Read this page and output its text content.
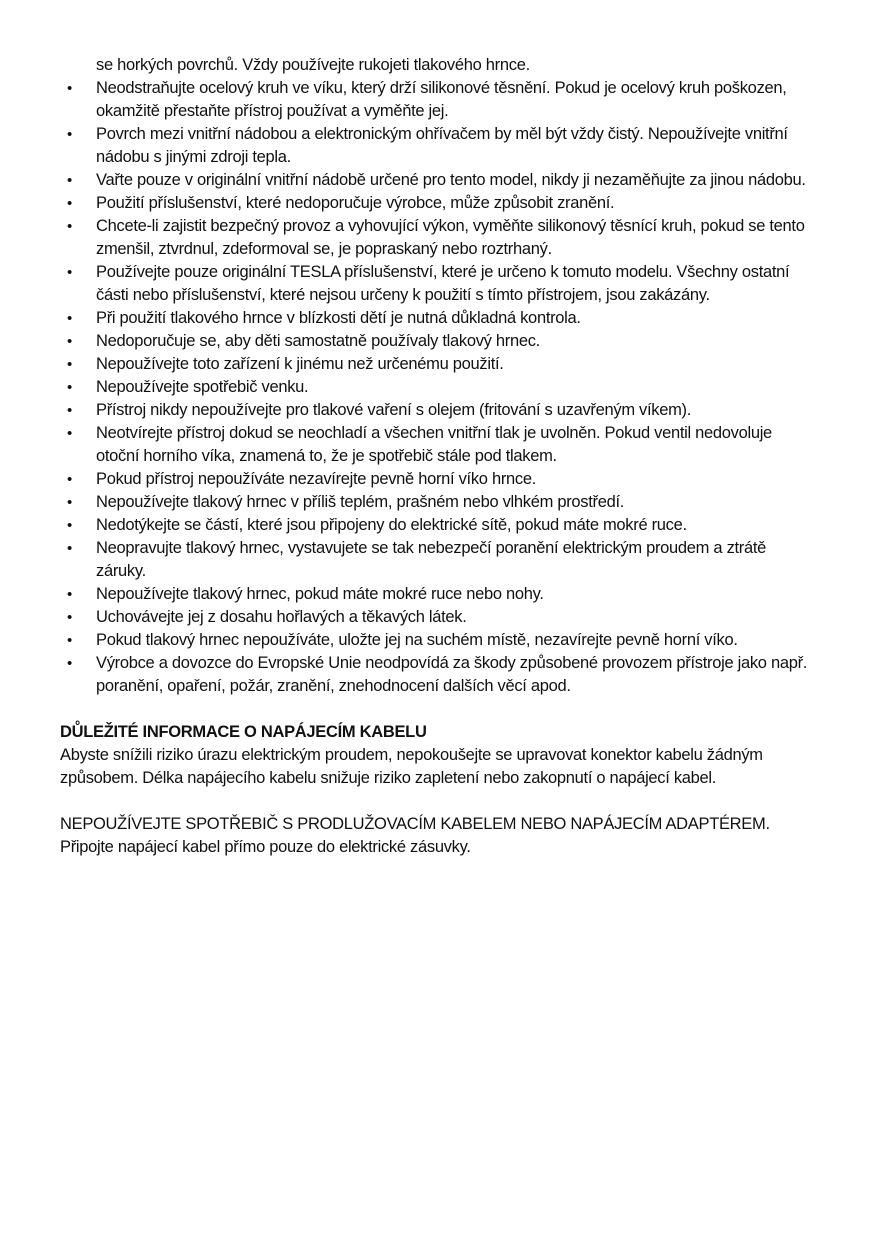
se horkých povrchů. Vždy používejte rukojeti tlakového hrnce.

• Neodstraňujte ocelový kruh ve víku, který drží silikonové těsnění. Pokud je ocelový kruh poškozen, okamžitě přestaňte přístroj používat a vyměňte jej.
• Povrch mezi vnitřní nádobou a elektronickým ohřívačem by měl být vždy čistý. Nepoužívejte vnitřní nádobu s jinými zdroji tepla.
• Vařte pouze v originální vnitřní nádobě určené pro tento model, nikdy ji nezaměňujte za jinou nádobu.
• Použití příslušenství, které nedoporučuje výrobce, může způsobit zranění.
• Chcete-li zajistit bezpečný provoz a vyhovující výkon, vyměňte silikonový těsnící kruh, pokud se tento zmenšil, ztvrdnul, zdeformoval se, je popraskaný nebo roztrhaný.
• Používejte pouze originální TESLA příslušenství, které je určeno k tomuto modelu. Všechny ostatní části nebo příslušenství, které nejsou určeny k použití s tímto přístrojem, jsou zakázány.
• Při použití tlakového hrnce v blízkosti dětí je nutná důkladná kontrola.
• Nedoporučuje se, aby děti samostatně používaly tlakový hrnec.
• Nepoužívejte toto zařízení k jinému než určenému použití.
• Nepoužívejte spotřebič venku.
• Přístroj nikdy nepoužívejte pro tlakové vaření s olejem (fritování s uzavřeným víkem).
• Neotvírejte přístroj dokud se neochladí a všechen vnitřní tlak je uvolněn. Pokud ventil nedovoluje otoční horního víka, znamená to, že je spotřebič stále pod tlakem.
• Pokud přístroj nepoužíváte nezavírejte pevně horní víko hrnce.
• Nepoužívejte tlakový hrnec v příliš teplém, prašném nebo vlhkém prostředí.
• Nedotýkejte se částí, které jsou připojeny do elektrické sítě, pokud máte mokré ruce.
• Neopravujte tlakový hrnec, vystavujete se tak nebezpečí poranění elektrickým proudem a ztrátě záruky.
• Nepoužívejte tlakový hrnec, pokud máte mokré ruce nebo nohy.
• Uchovávejte jej z dosahu hořlavých a těkavých látek.
• Pokud tlakový hrnec nepoužíváte, uložte jej na suchém místě, nezavírejte pevně horní víko.
• Výrobce a dovozce do Evropské Unie neodpovídá za škody způsobené provozem přístroje jako např. poranění, opaření, požár, zranění, znehodnocení dalších věcí apod.
DŮLEŽITÉ INFORMACE O NAPÁJECÍM KABELU

Abyste snížili riziko úrazu elektrickým proudem, nepokoušejte se upravovat konektor kabelu žádným způsobem. Délka napájecího kabelu snižuje riziko zapletení nebo zakopnutí o napájecí kabel.

NEPOUŽÍVEJTE SPOTŘEBIČ S PRODLUŽOVACÍM KABELEM NEBO NAPÁJECÍM ADAPTÉREM.

Připojte napájecí kabel přímo pouze do elektrické zásuvky.
